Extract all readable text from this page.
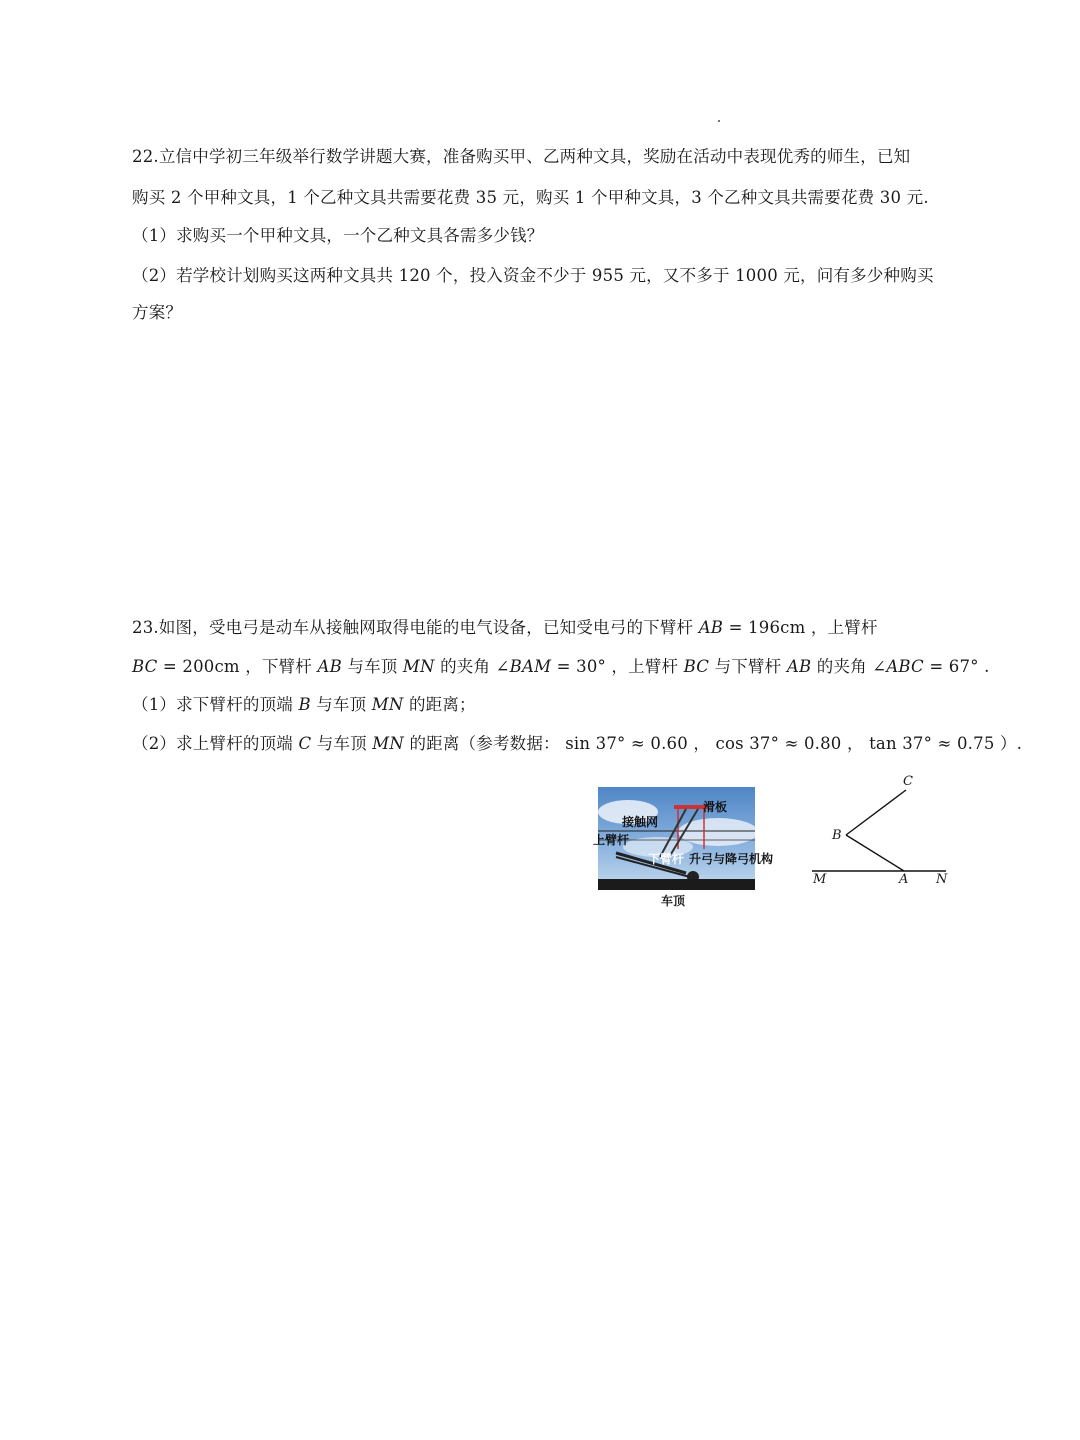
22.立信中学初三年级举行数学讲题大赛，准备购买甲、乙两种文具，奖励在活动中表现优秀的师生，已知
购买 2 个甲种文具，1 个乙种文具共需要花费 35 元，购买 1 个甲种文具，3 个乙种文具共需要花费 30 元.
（1）求购买一个甲种文具，一个乙种文具各需多少钱？
（2）若学校计划购买这两种文具共 120 个，投入资金不少于 955 元，又不多于 1000 元，问有多少种购买
方案？
23.如图，受电弓是动车从接触网取得电能的电气设备，已知受电弓的下臂杆 AB = 196cm ，上臂杆
BC = 200cm ，下臂杆 AB 与车顶 MN 的夹角 ∠BAM = 30° ，上臂杆 BC 与下臂杆 AB 的夹角 ∠ABC = 67° .
（1）求下臂杆的顶端 B 与车顶 MN 的距离；
（2）求上臂杆的顶端 C 与车顶 MN 的距离（参考数据： sin 37° ≈ 0.60 ， cos 37° ≈ 0.80 ， tan 37° ≈ 0.75 ）.
滑板
接触网
上臂杆
下臂杆 升弓与降弓机构
车顶
C
B
M	A N
